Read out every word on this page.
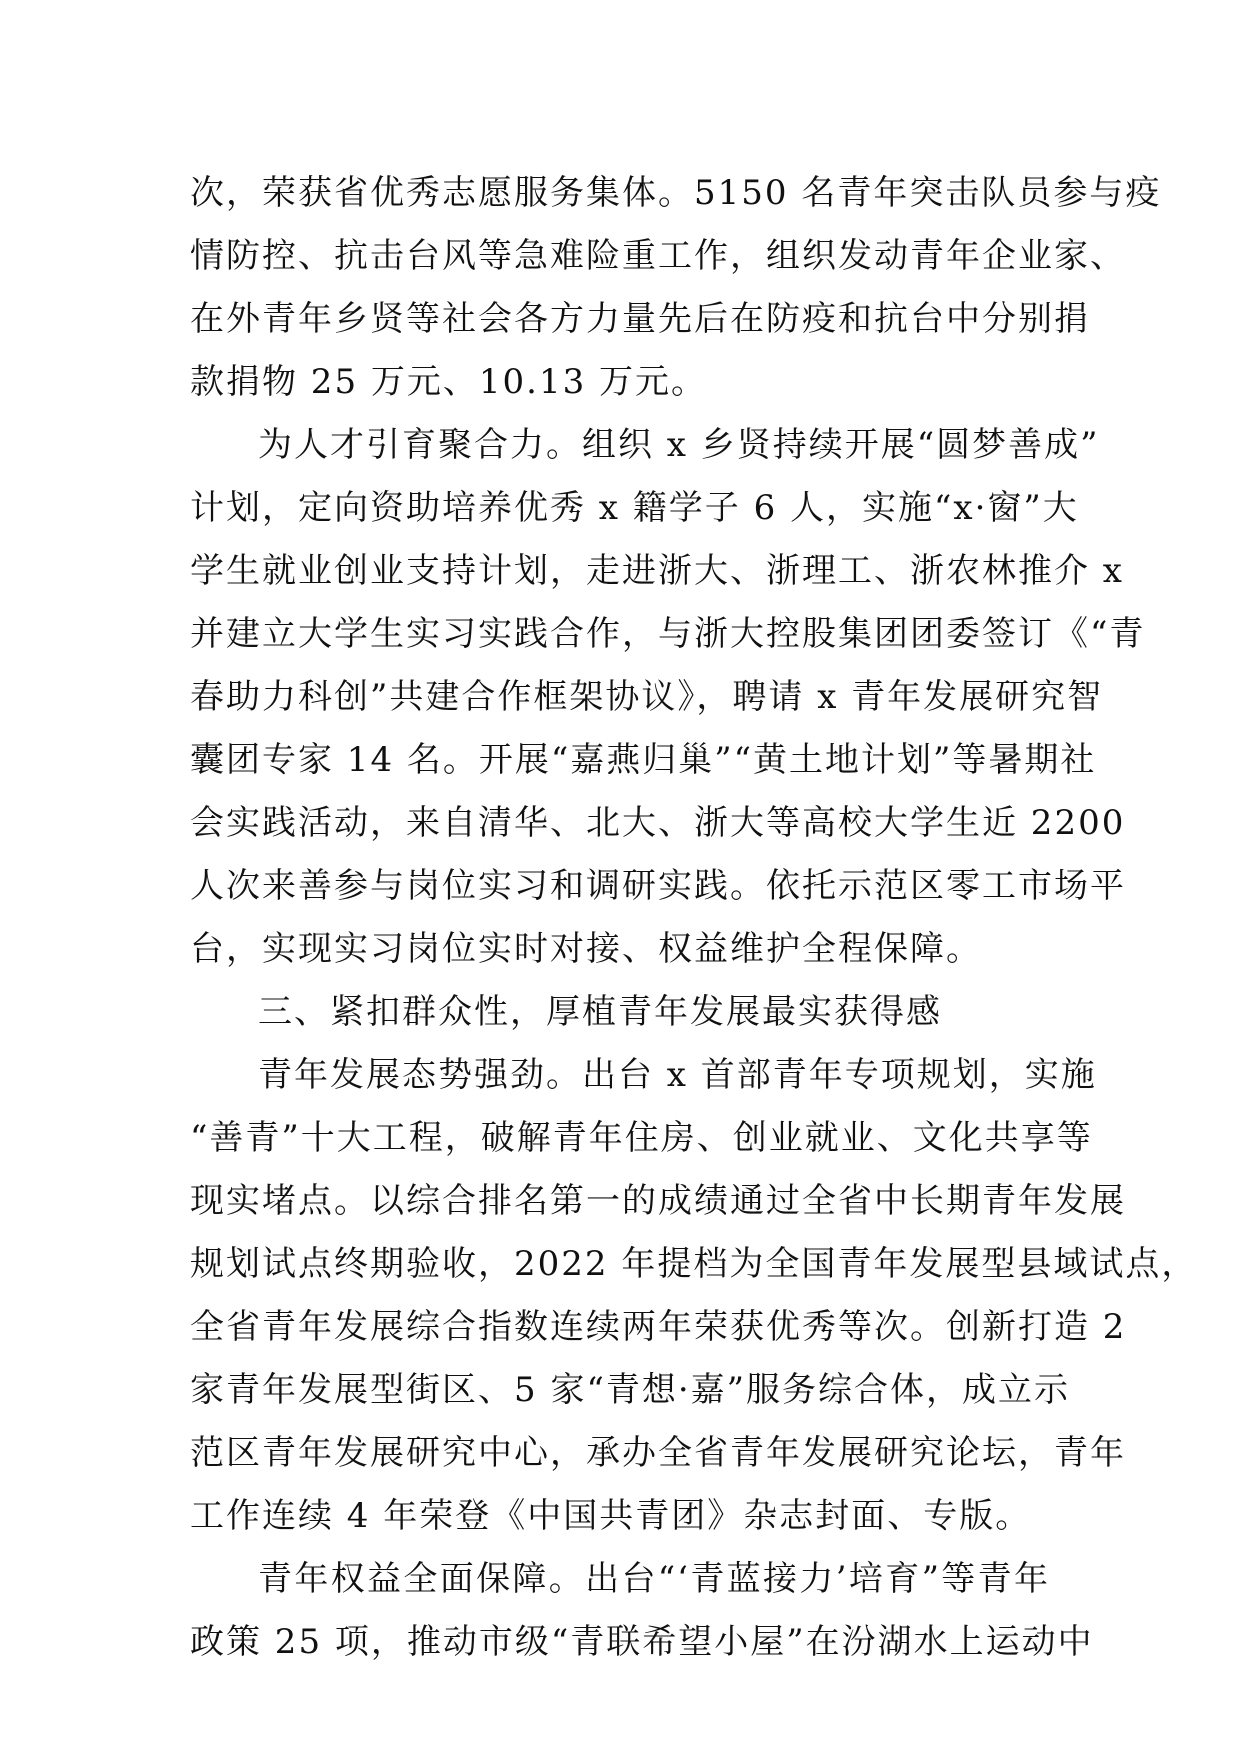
次，荣获省优秀志愿服务集体。5150 名青年突击队员参与疫
情防控、抗击台风等急难险重工作，组织发动青年企业家、
在外青年乡贤等社会各方力量先后在防疫和抗台中分别捐
款捐物 25 万元、10.13 万元。
为人才引育聚合力。组织 x 乡贤持续开展“圆梦善成”
计划，定向资助培养优秀 x 籍学子 6 人，实施“x·窗”大
学生就业创业支持计划，走进浙大、浙理工、浙农林推介 x
并建立大学生实习实践合作，与浙大控股集团团委签订《“青
春助力科创”共建合作框架协议》，聘请 x 青年发展研究智
囊团专家 14 名。开展“嘉燕归巢”“黄土地计划”等暑期社
会实践活动，来自清华、北大、浙大等高校大学生近 2200
人次来善参与岗位实习和调研实践。依托示范区零工市场平
台，实现实习岗位实时对接、权益维护全程保障。
三、紧扣群众性，厚植青年发展最实获得感
青年发展态势强劲。出台 x 首部青年专项规划，实施
“善青”十大工程，破解青年住房、创业就业、文化共享等
现实堵点。以综合排名第一的成绩通过全省中长期青年发展
规划试点终期验收，2022 年提档为全国青年发展型县域试点，
全省青年发展综合指数连续两年荣获优秀等次。创新打造 2
家青年发展型街区、5 家“青想·嘉”服务综合体，成立示
范区青年发展研究中心，承办全省青年发展研究论坛，青年
工作连续 4 年荣登《中国共青团》杂志封面、专版。
青年权益全面保障。出台“‘青蓝接力’培育”等青年
政策 25 项，推动市级“青联希望小屋”在汾湖水上运动中
